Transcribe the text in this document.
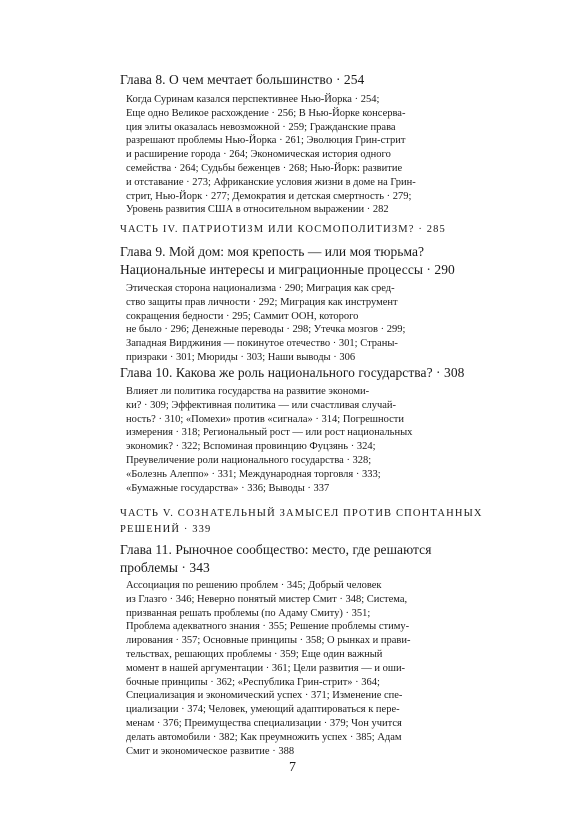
Глава 8. О чем мечтает большинство · 254
Когда Суринам казался перспективнее Нью-Йорка · 254;
Еще одно Великое расхождение · 256; В Нью-Йорке консерва-
ция элиты оказалась невозможной · 259; Гражданские права
разрешают проблемы Нью-Йорка · 261; Эволюция Грин-стрит
и расширение города · 264; Экономическая история одного
семейства · 264; Судьбы беженцев · 268; Нью-Йорк: развитие
и отставание · 273; Африканские условия жизни в доме на Грин-
стрит, Нью-Йорк · 277; Демократия и детская смертность · 279;
Уровень развития США в относительном выражении · 282
ЧАСТЬ IV. ПАТРИОТИЗМ ИЛИ КОСМОПОЛИТИЗМ? · 285
Глава 9. Мой дом: моя крепость — или моя тюрьма?
Национальные интересы и миграционные процессы · 290
Этическая сторона национализма · 290; Миграция как сред-
ство защиты прав личности · 292; Миграция как инструмент
сокращения бедности · 295; Саммит ООН, которого
не было · 296; Денежные переводы · 298; Утечка мозгов · 299;
Западная Вирджиния — покинутое отечество · 301; Страны-
призраки · 301; Мюриды · 303; Наши выводы · 306
Глава 10. Какова же роль национального государства? · 308
Влияет ли политика государства на развитие экономи-
ки? · 309; Эффективная политика — или счастливая случай-
ность? · 310; «Помехи» против «сигнала» · 314; Погрешности
измерения · 318; Региональный рост — или рост национальных
экономик? · 322; Вспоминая провинцию Фуцзянь · 324;
Преувеличение роли национального государства · 328;
«Болезнь Алеппо» · 331; Международная торговля · 333;
«Бумажные государства» · 336; Выводы · 337
ЧАСТЬ V. СОЗНАТЕЛЬНЫЙ ЗАМЫСЕЛ ПРОТИВ СПОНТАННЫХ
РЕШЕНИЙ · 339
Глава 11. Рыночное сообщество: место, где решаются
проблемы · 343
Ассоциация по решению проблем · 345; Добрый человек
из Глазго · 346; Неверно понятый мистер Смит · 348; Система,
призванная решать проблемы (по Адаму Смиту) · 351;
Проблема адекватного знания · 355; Решение проблемы стиму-
лирования · 357; Основные принципы · 358; О рынках и прави-
тельствах, решающих проблемы · 359; Еще один важный
момент в нашей аргументации · 361; Цели развития — и оши-
бочные принципы · 362; «Республика Грин-стрит» · 364;
Специализация и экономический успех · 371; Изменение спе-
циализации · 374; Человек, умеющий адаптироваться к пере-
менам · 376; Преимущества специализации · 379; Чон учится
делать автомобили · 382; Как преумножить успех · 385; Адам
Смит и экономическое развитие · 388
7
